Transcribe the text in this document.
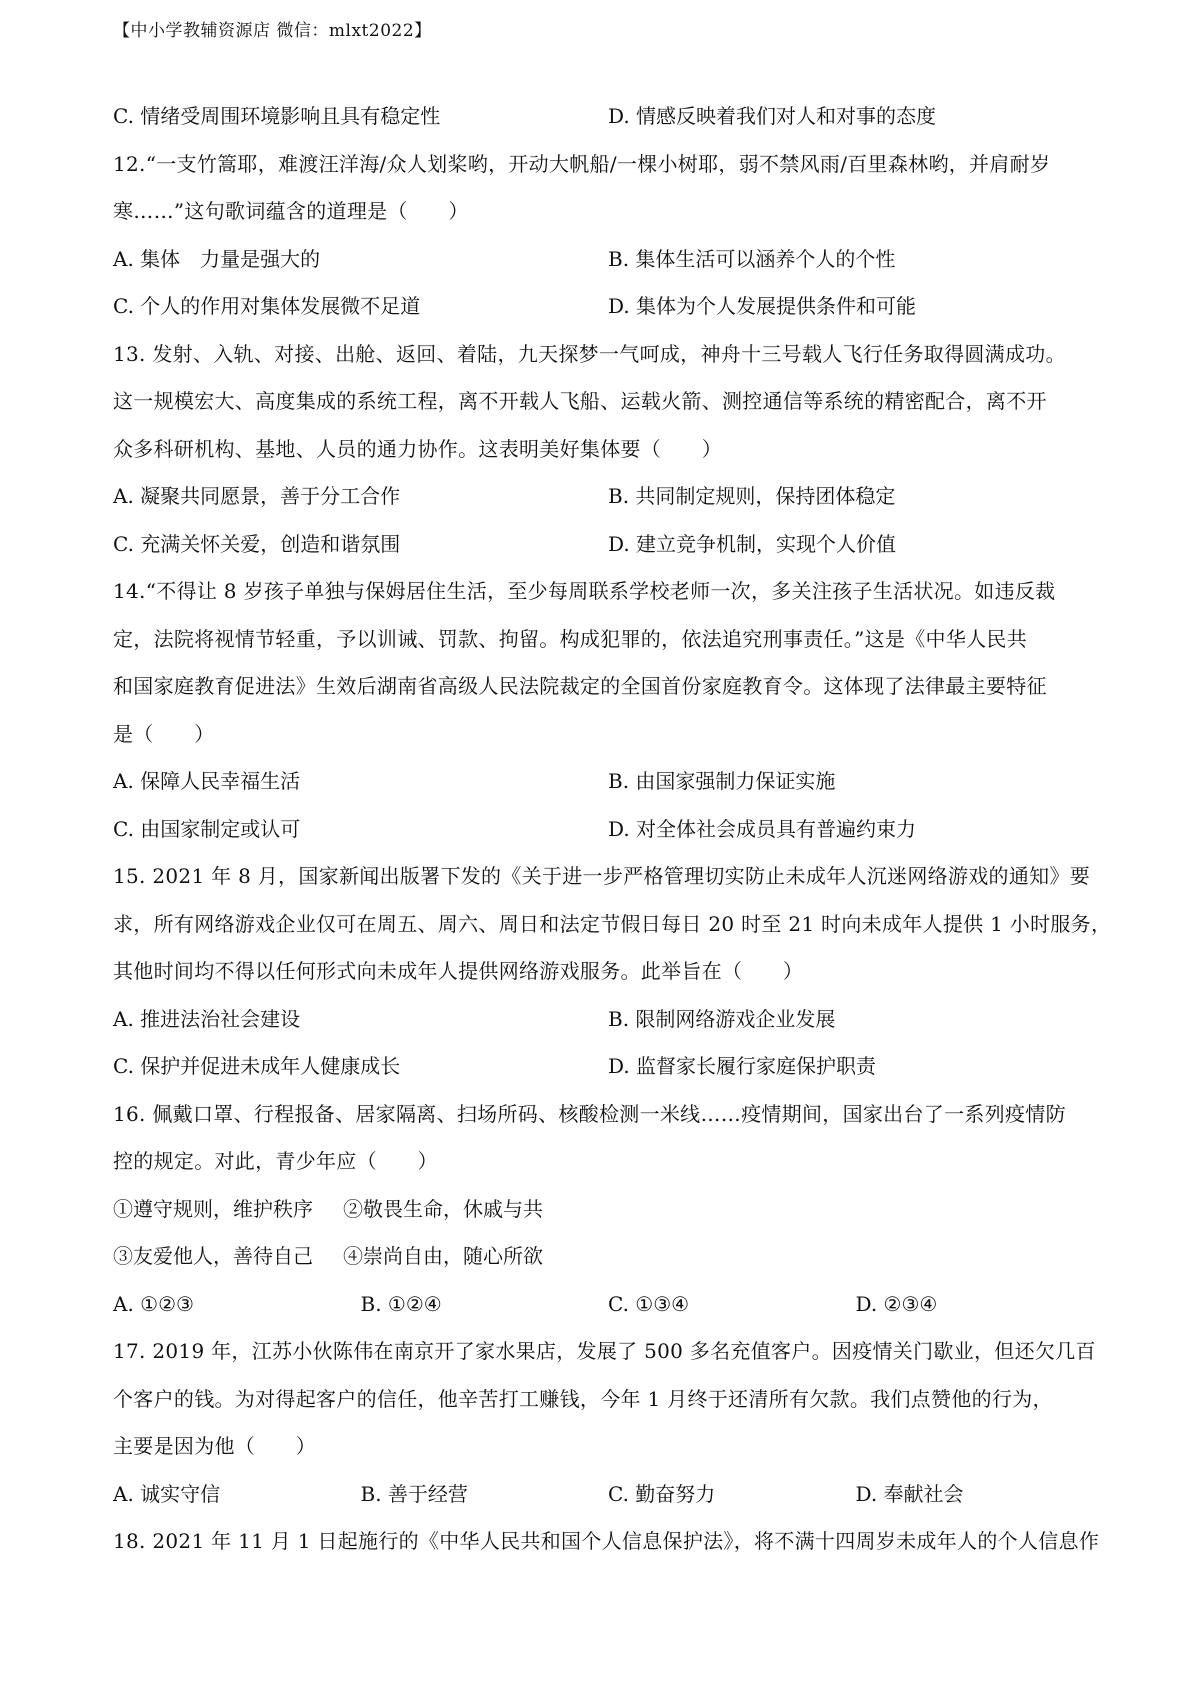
【中小学教辅资源店 微信：mlxt2022】
C. 情绪受周围环境影响且具有稳定性	D. 情感反映着我们对人和对事的态度
12.“一支竹篙耶，难渡汪洋海/众人划桨哟，开动大帆船/一棵小树耶，弱不禁风雨/百里森林哟，并肩耐岁
寒……”这句歌词蕴含的道理是（　　）
A. 集体　力量是强大的	B. 集体生活可以涵养个人的个性
C. 个人的作用对集体发展微不足道	D. 集体为个人发展提供条件和可能
13. 发射、入轨、对接、出舱、返回、着陆，九天探梦一气呵成，神舟十三号载人飞行任务取得圆满成功。
这一规模宏大、高度集成的系统工程，离不开载人飞船、运载火箭、测控通信等系统的精密配合，离不开
众多科研机构、基地、人员的通力协作。这表明美好集体要（　　）
A. 凝聚共同愿景，善于分工合作	B. 共同制定规则，保持团体稳定
C. 充满关怀关爱，创造和谐氛围	D. 建立竞争机制，实现个人价值
14.“不得让 8 岁孩子单独与保姆居住生活，至少每周联系学校老师一次，多关注孩子生活状况。如违反裁
定，法院将视情节轻重，予以训诫、罚款、拘留。构成犯罪的，依法追究刑事责任。”这是《中华人民共
和国家庭教育促进法》生效后湖南省高级人民法院裁定的全国首份家庭教育令。这体现了法律最主要特征
是（　　）
A. 保障人民幸福生活	B. 由国家强制力保证实施
C. 由国家制定或认可	D. 对全体社会成员具有普遍约束力
15. 2021 年 8 月，国家新闻出版署下发的《关于进一步严格管理切实防止未成年人沉迷网络游戏的通知》要
求，所有网络游戏企业仅可在周五、周六、周日和法定节假日每日 20 时至 21 时向未成年人提供 1 小时服务，
其他时间均不得以任何形式向未成年人提供网络游戏服务。此举旨在（　　）
A. 推进法治社会建设	B. 限制网络游戏企业发展
C. 保护并促进未成年人健康成长	D. 监督家长履行家庭保护职责
16. 佩戴口罩、行程报备、居家隔离、扫场所码、核酸检测一米线……疫情期间，国家出台了一系列疫情防
控的规定。对此，青少年应（　　）
①遵守规则，维护秩序	②敬畏生命，休戚与共
③友爱他人，善待自己	④崇尚自由，随心所欲
A. ①②③	B. ①②④	C. ①③④	D. ②③④
17. 2019 年，江苏小伙陈伟在南京开了家水果店，发展了 500 多名充值客户。因疫情关门歇业，但还欠几百
个客户的钱。为对得起客户的信任，他辛苦打工赚钱，今年 1 月终于还清所有欠款。我们点赞他的行为，
主要是因为他（　　）
A. 诚实守信	B. 善于经营	C. 勤奋努力	D. 奉献社会
18. 2021 年 11 月 1 日起施行的《中华人民共和国个人信息保护法》，将不满十四周岁未成年人的个人信息作
